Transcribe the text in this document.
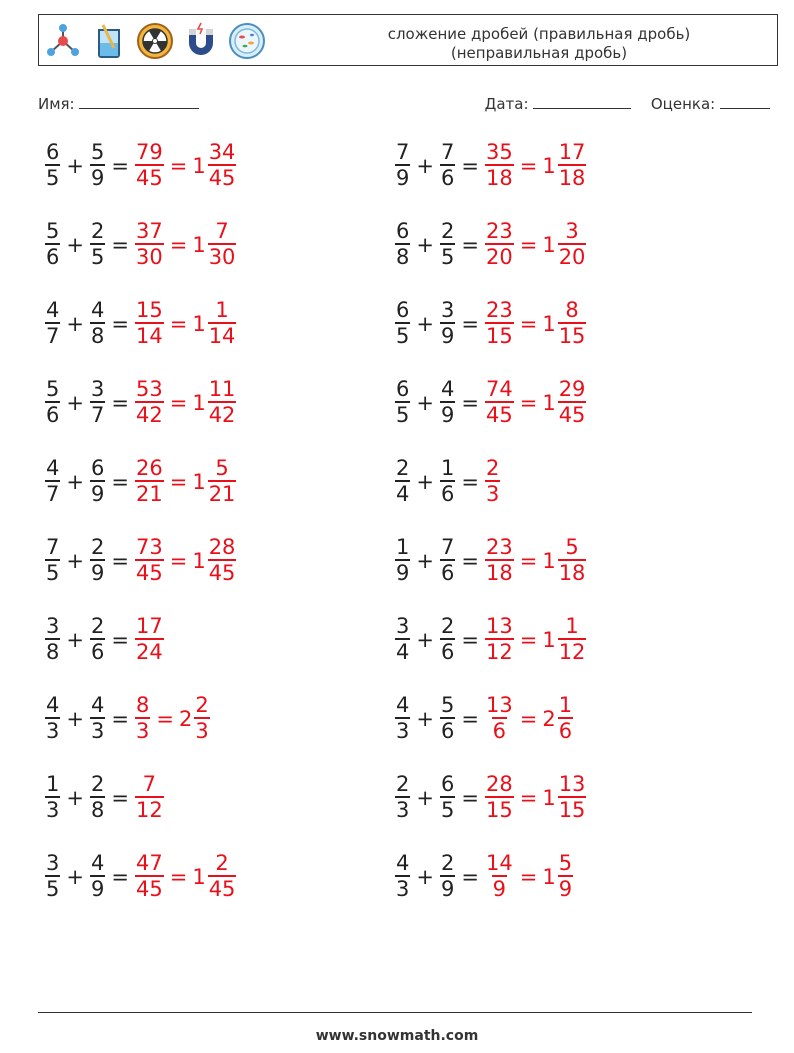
сложение дробей (правильная дробь)
(неправильная дробь)
Имя:	Дата:	Оценка:
$\frac{6}{5} + \frac{5}{9} = \frac{79}{45} = 1 \frac{34}{45}$
$\frac{5}{6} + \frac{2}{5} = \frac{37}{30} = 1 \frac{7}{30}$
$\frac{4}{7} + \frac{4}{8} = \frac{15}{14} = 1 \frac{1}{14}$
$\frac{5}{6} + \frac{3}{7} = \frac{53}{42} = 1 \frac{11}{42}$
$\frac{4}{7} + \frac{6}{9} = \frac{26}{21} = 1 \frac{5}{21}$
$\frac{7}{5} + \frac{2}{9} = \frac{73}{45} = 1 \frac{28}{45}$
$\frac{3}{8} + \frac{2}{6} = \frac{17}{24}$
$\frac{4}{3} + \frac{4}{3} = \frac{8}{3} = 2 \frac{2}{3}$
$\frac{1}{3} + \frac{2}{8} = \frac{7}{12}$
$\frac{3}{5} + \frac{4}{9} = \frac{47}{45} = 1 \frac{2}{45}$
$\frac{7}{9} + \frac{7}{6} = \frac{35}{18} = 1 \frac{17}{18}$
$\frac{6}{8} + \frac{2}{5} = \frac{23}{20} = 1 \frac{3}{20}$
$\frac{6}{5} + \frac{3}{9} = \frac{23}{15} = 1 \frac{8}{15}$
$\frac{6}{5} + \frac{4}{9} = \frac{74}{45} = 1 \frac{29}{45}$
$\frac{2}{4} + \frac{1}{6} = \frac{2}{3}$
$\frac{1}{9} + \frac{7}{6} = \frac{23}{18} = 1 \frac{5}{18}$
$\frac{3}{4} + \frac{2}{6} = \frac{13}{12} = 1 \frac{1}{12}$
$\frac{4}{3} + \frac{5}{6} = \frac{13}{6} = 2 \frac{1}{6}$
$\frac{2}{3} + \frac{6}{5} = \frac{28}{15} = 1 \frac{13}{15}$
$\frac{4}{3} + \frac{2}{9} = \frac{14}{9} = 1 \frac{5}{9}$
www.snowmath.com
